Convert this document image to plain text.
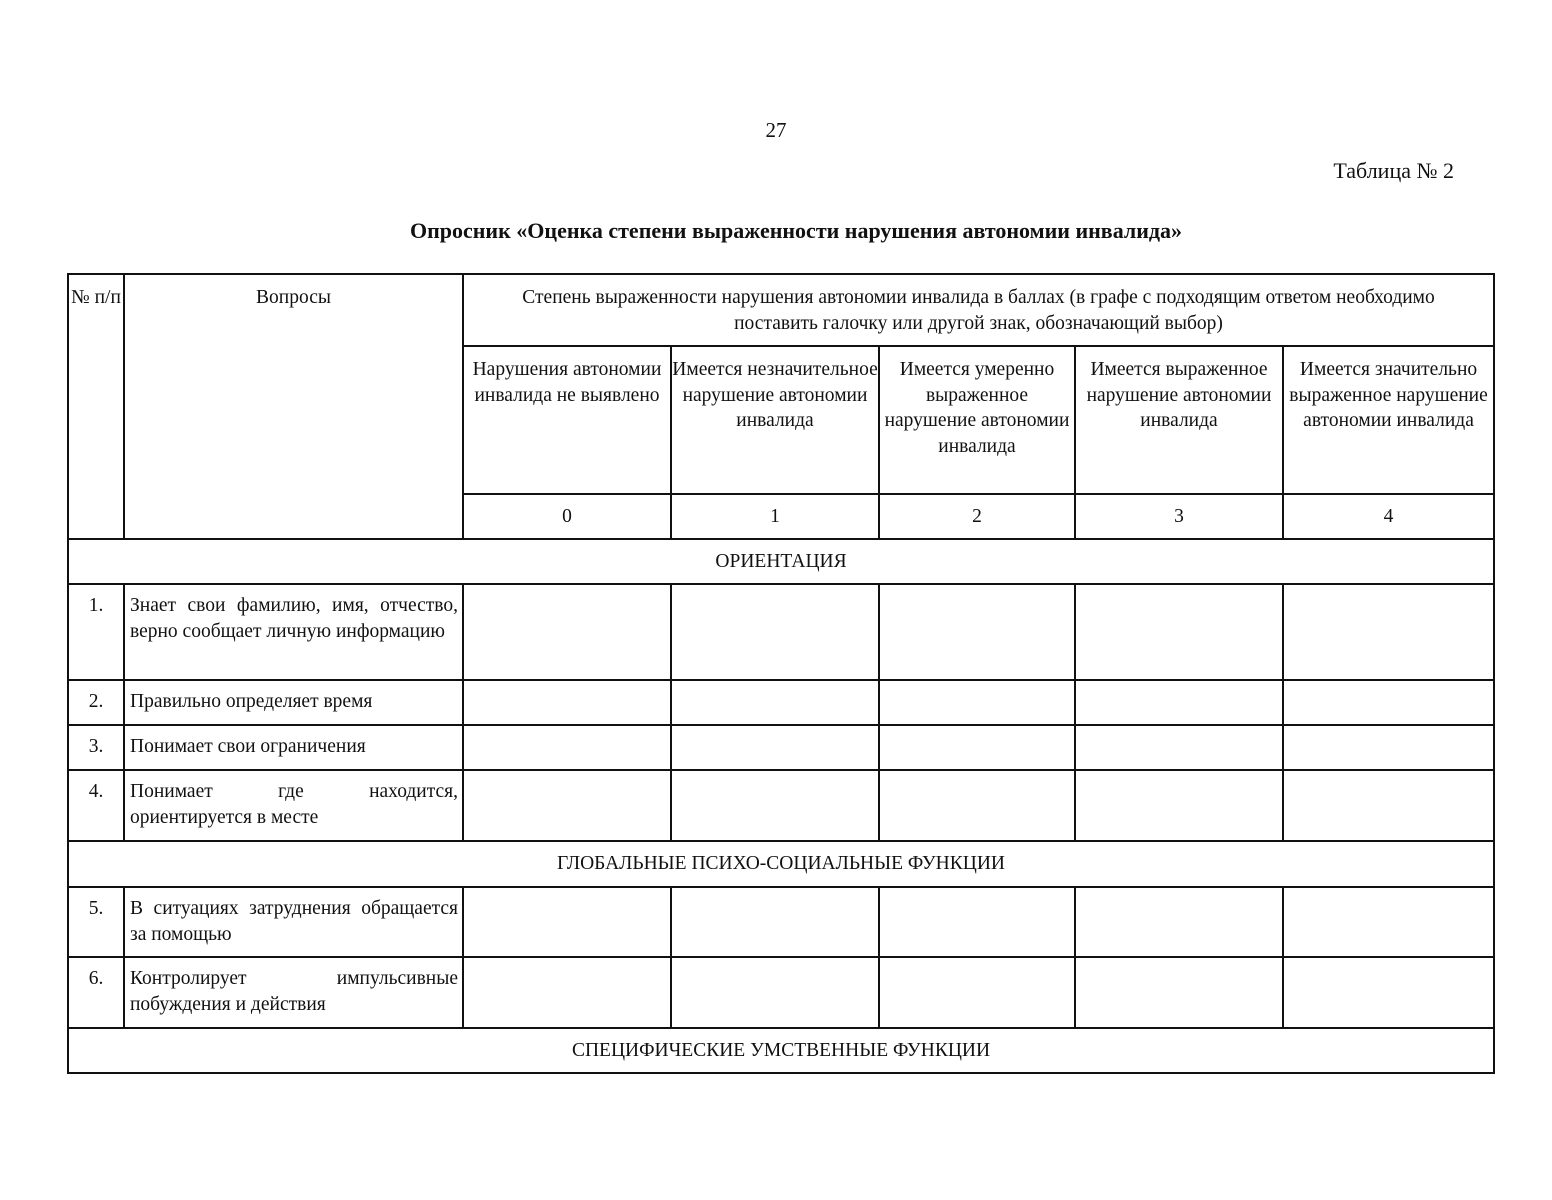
27
Таблица № 2
Опросник «Оценка степени выраженности нарушения автономии инвалида»
№ п/п	Вопросы	Степень выраженности нарушения автономии инвалида в баллах (в графе с подходящим ответом необходимо поставить галочку или другой знак, обозначающий выбор)				
		Нарушения автономии инвалида не выявлено	Имеется незначительное нарушение автономии инвалида	Имеется умеренно выраженное нарушение автономии инвалида	Имеется выраженное нарушение автономии инвалида	Имеется значительно выраженное нарушение автономии инвалида
		0	1	2	3	4
ОРИЕНТАЦИЯ						
1.	Знает свои фамилию, имя, отчество, верно сообщает личную информацию					
2.	Правильно определяет время					
3.	Понимает свои ограничения					
4.	Понимает где находится, ориентируется в месте					
ГЛОБАЛЬНЫЕ ПСИХО-СОЦИАЛЬНЫЕ ФУНКЦИИ						
5.	В ситуациях затруднения обращается за помощью					
6.	Контролирует импульсивные побуждения и действия					
СПЕЦИФИЧЕСКИЕ УМСТВЕННЫЕ ФУНКЦИИ						
